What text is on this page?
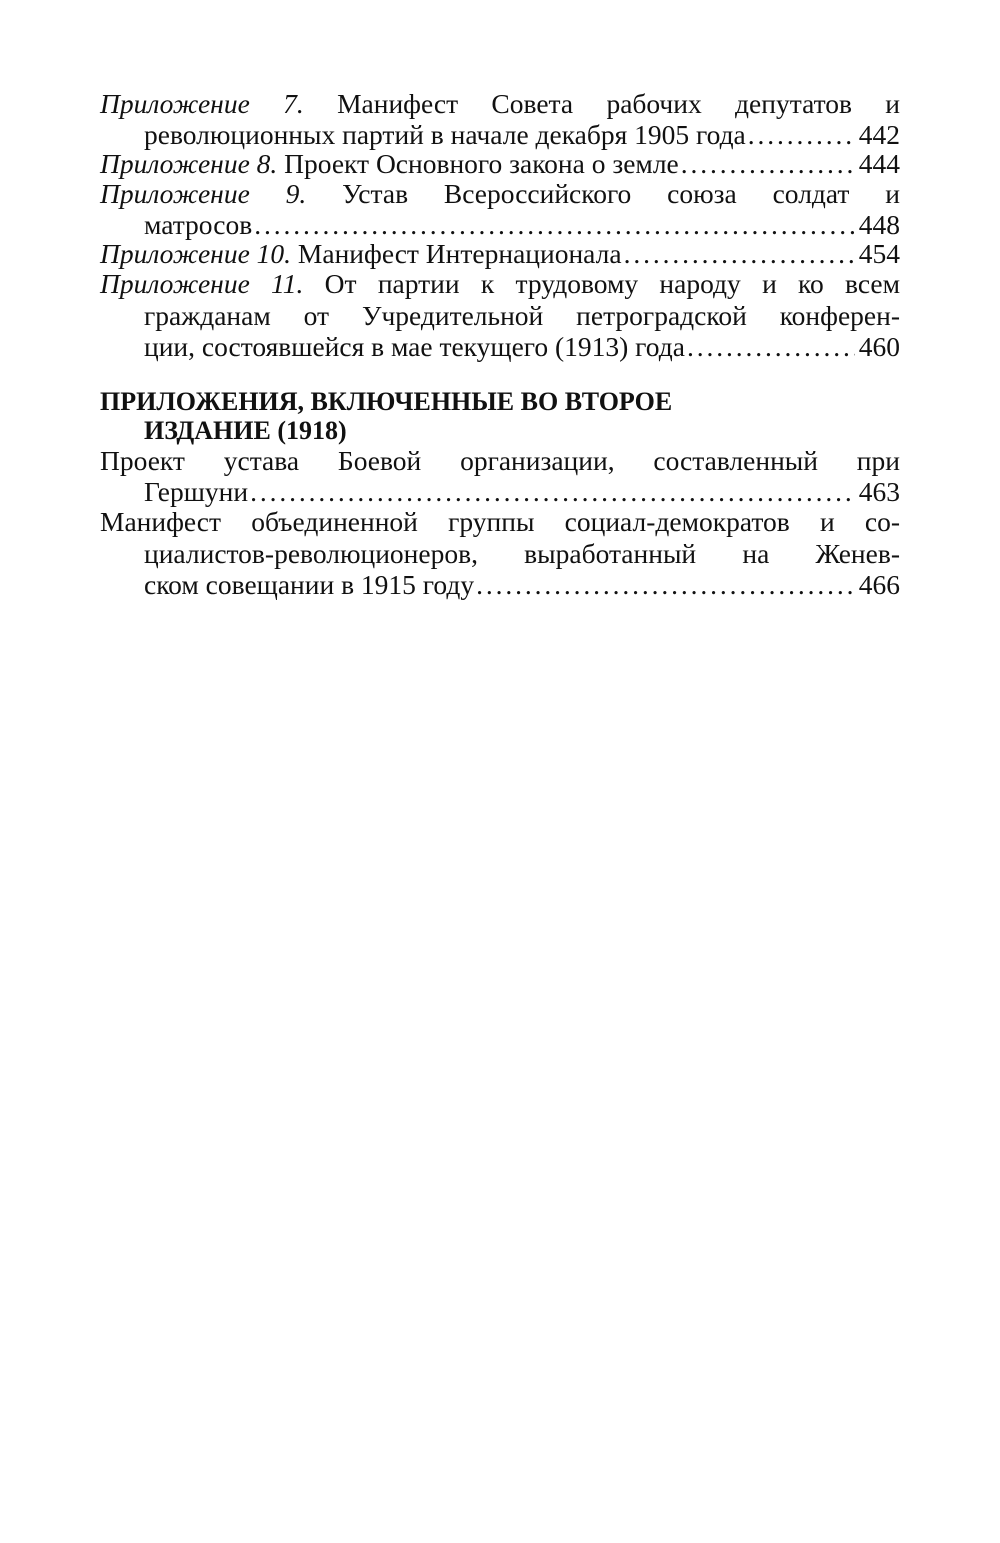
Приложение 7. Манифест Совета рабочих депутатов и
революционных партий в начале декабря 1905 года . . .	442
Приложение 8.
Проект Основного закона о земле . . .	444
Приложение 9. Устав Всероссийского союза солдат и
матросов . . .	448
Приложение 10.
Манифест Интернационала . . .	454
Приложение 11. От партии к трудовому народу и ко всем
гражданам от Учредительной петроградской конферен-
ции, состоявшейся в мае текущего (1913) года . . .	460
ПРИЛОЖЕНИЯ, ВКЛЮЧЕННЫЕ ВО ВТОРОЕ
ИЗДАНИЕ (1918)
Проект устава Боевой организации, составленный при
Гершуни . . .	463
Манифест объединенной группы социал-демократов и со-
циалистов-революционеров, выработанный на Женев-
ском совещании в 1915 году . . .	466
